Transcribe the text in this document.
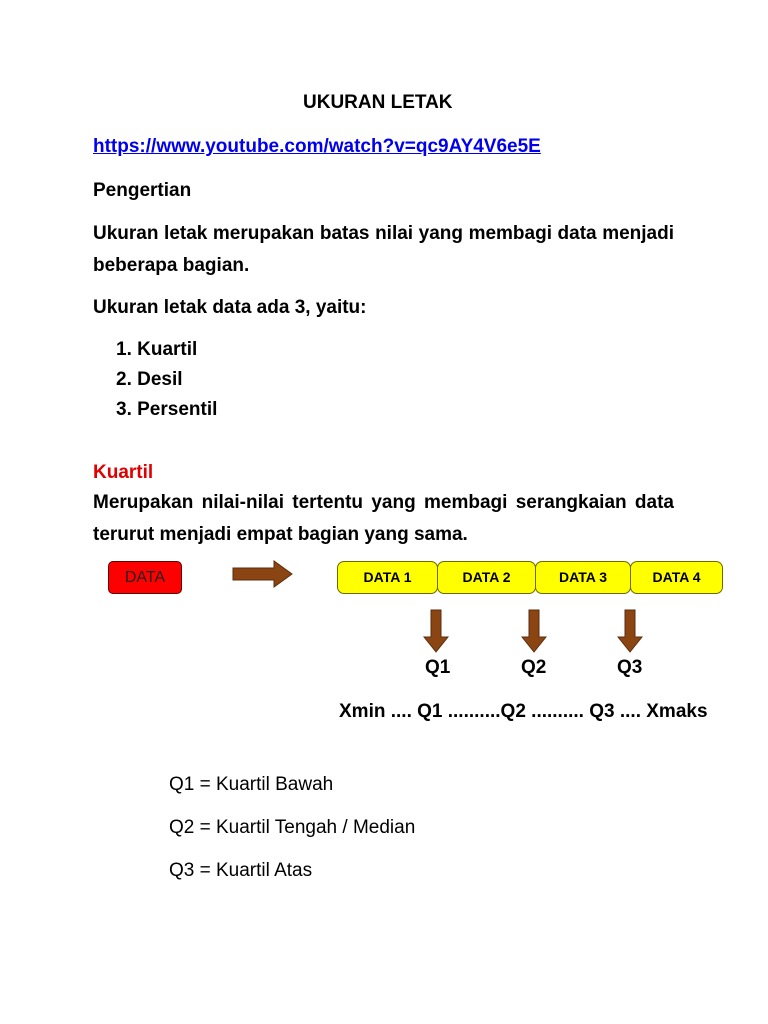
UKURAN LETAK
https://www.youtube.com/watch?v=qc9AY4V6e5E
Pengertian
Ukuran letak merupakan batas nilai yang membagi data menjadi beberapa bagian.
Ukuran letak data ada 3, yaitu:
1. Kuartil
2. Desil
3. Persentil
Kuartil
Merupakan nilai-nilai tertentu yang membagi serangkaian data terurut menjadi empat bagian yang sama.
DATA	DATA 1	DATA 2	DATA 3	DATA 4
Q1	Q2	Q3
Xmin .... Q1 ..........Q2 .......... Q3 .... Xmaks
Q1 = Kuartil Bawah
Q2 = Kuartil Tengah / Median
Q3 = Kuartil Atas
